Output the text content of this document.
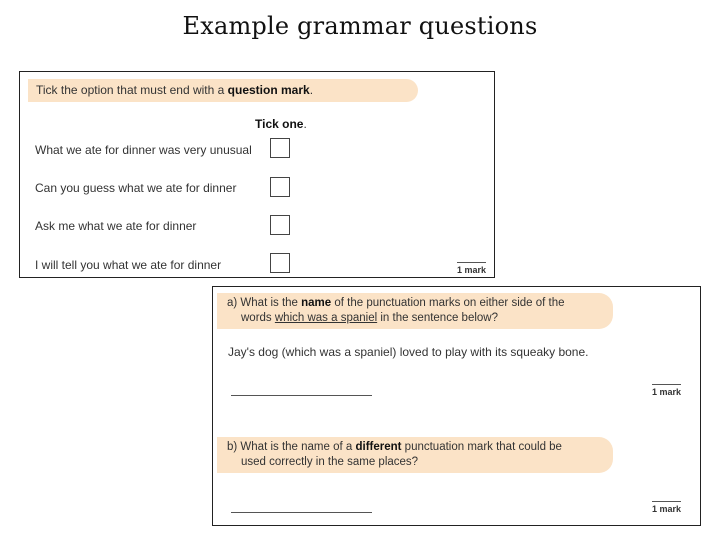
Example grammar questions
Tick the option that must end with a question mark.
Tick one.
What we ate for dinner was very unusual
Can you guess what we ate for dinner
Ask me what we ate for dinner
I will tell you what we ate for dinner	1 mark
a) What is the name of the punctuation marks on either side of the
words which was a spaniel in the sentence below?
Jay's dog (which was a spaniel) loved to play with its squeaky bone.
1 mark
b) What is the name of a different punctuation mark that could be
used correctly in the same places?
1 mark
